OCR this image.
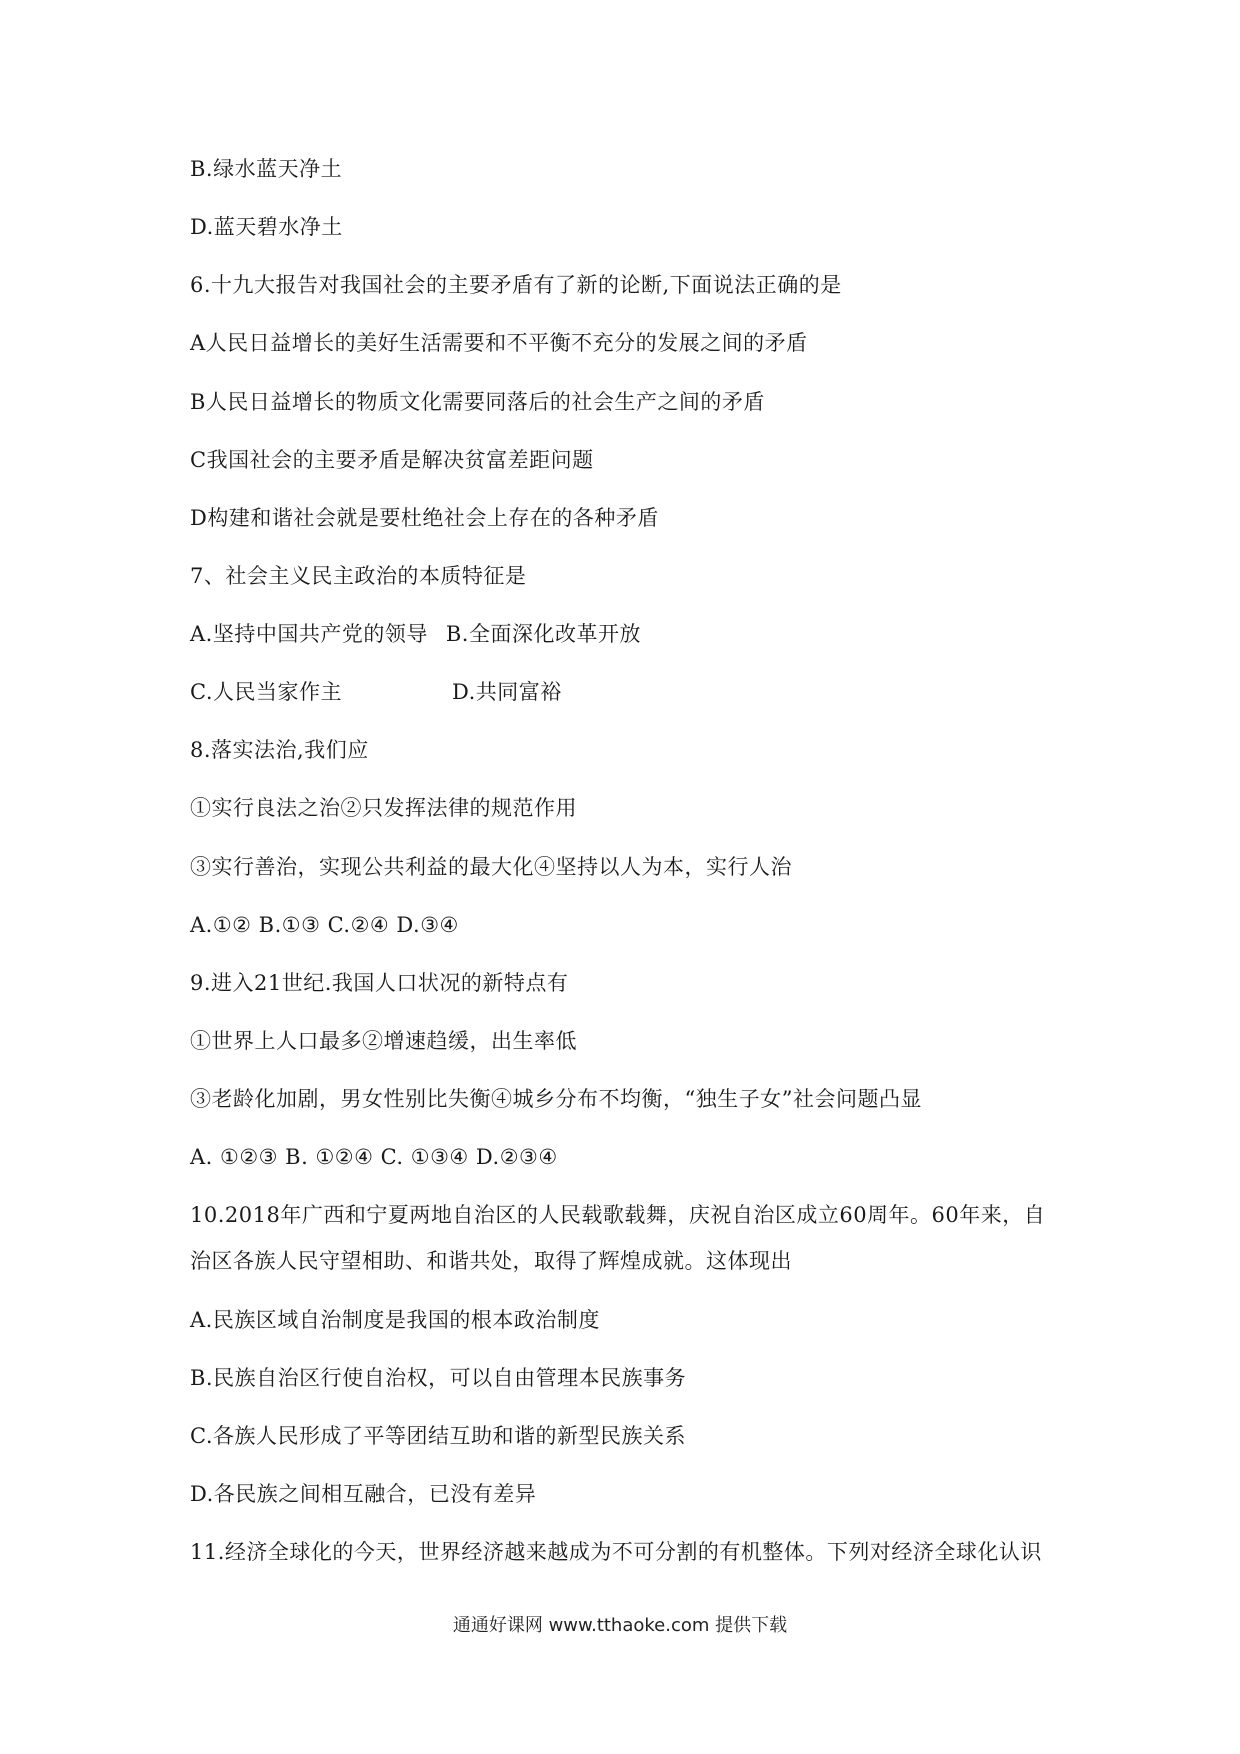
B.绿水蓝天净土
D.蓝天碧水净土
6.十九大报告对我国社会的主要矛盾有了新的论断,下面说法正确的是
A人民日益增长的美好生活需要和不平衡不充分的发展之间的矛盾
B人民日益增长的物质文化需要同落后的社会生产之间的矛盾
C我国社会的主要矛盾是解决贫富差距问题
D构建和谐社会就是要杜绝社会上存在的各种矛盾
7、社会主义民主政治的本质特征是
A.坚持中国共产党的领导 B.全面深化改革开放
C.人民当家作主	D.共同富裕
8.落实法治,我们应
①实行良法之治②只发挥法律的规范作用
③实行善治，实现公共利益的最大化④坚持以人为本，实行人治
A.①② B.①③ C.②④ D.③④
9.进入21世纪.我国人口状况的新特点有
①世界上人口最多②增速趋缓，出生率低
③老龄化加剧，男女性别比失衡④城乡分布不均衡，“独生子女”社会问题凸显
A. ①②③ B. ①②④ C. ①③④ D.②③④
10.2018年广西和宁夏两地自治区的人民载歌载舞，庆祝自治区成立60周年。60年来，自
治区各族人民守望相助、和谐共处，取得了辉煌成就。这体现出
A.民族区域自治制度是我国的根本政治制度
B.民族自治区行使自治权，可以自由管理本民族事务
C.各族人民形成了平等团结互助和谐的新型民族关系
D.各民族之间相互融合，已没有差异
11.经济全球化的今天，世界经济越来越成为不可分割的有机整体。下列对经济全球化认识
通通好课网 www.tthaoke.com 提供下载
